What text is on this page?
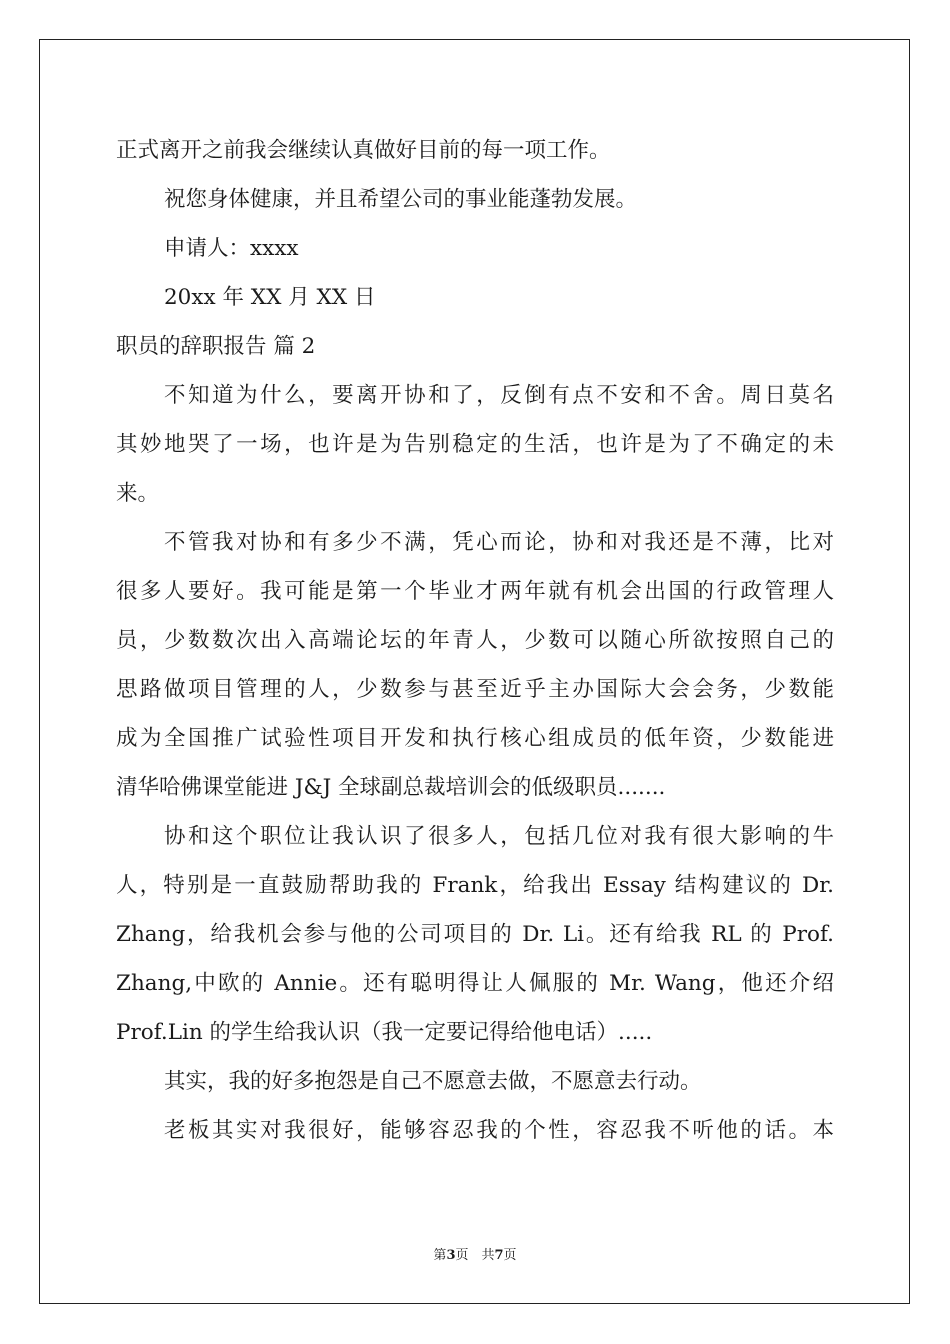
正式离开之前我会继续认真做好目前的每一项工作。
祝您身体健康，并且希望公司的事业能蓬勃发展。
申请人：xxxx
20xx 年 XX 月 XX 日
职员的辞职报告 篇 2
不知道为什么，要离开协和了，反倒有点不安和不舍。周日莫名
其妙地哭了一场，也许是为告别稳定的生活，也许是为了不确定的未
来。
不管我对协和有多少不满，凭心而论，协和对我还是不薄，比对
很多人要好。我可能是第一个毕业才两年就有机会出国的行政管理人
员，少数数次出入高端论坛的年青人，少数可以随心所欲按照自己的
思路做项目管理的人，少数参与甚至近乎主办国际大会会务，少数能
成为全国推广试验性项目开发和执行核心组成员的低年资，少数能进
清华哈佛课堂能进 J&J 全球副总裁培训会的低级职员.......
协和这个职位让我认识了很多人，包括几位对我有很大影响的牛
人，特别是一直鼓励帮助我的 Frank，给我出 Essay 结构建议的 Dr.
Zhang，给我机会参与他的公司项目的 Dr. Li。还有给我 RL 的 Prof.
Zhang,中欧的 Annie。还有聪明得让人佩服的 Mr. Wang，他还介绍
Prof.Lin 的学生给我认识（我一定要记得给他电话）.....
其实，我的好多抱怨是自己不愿意去做，不愿意去行动。
老板其实对我很好，能够容忍我的个性，容忍我不听他的话。本
第3页　共7页
